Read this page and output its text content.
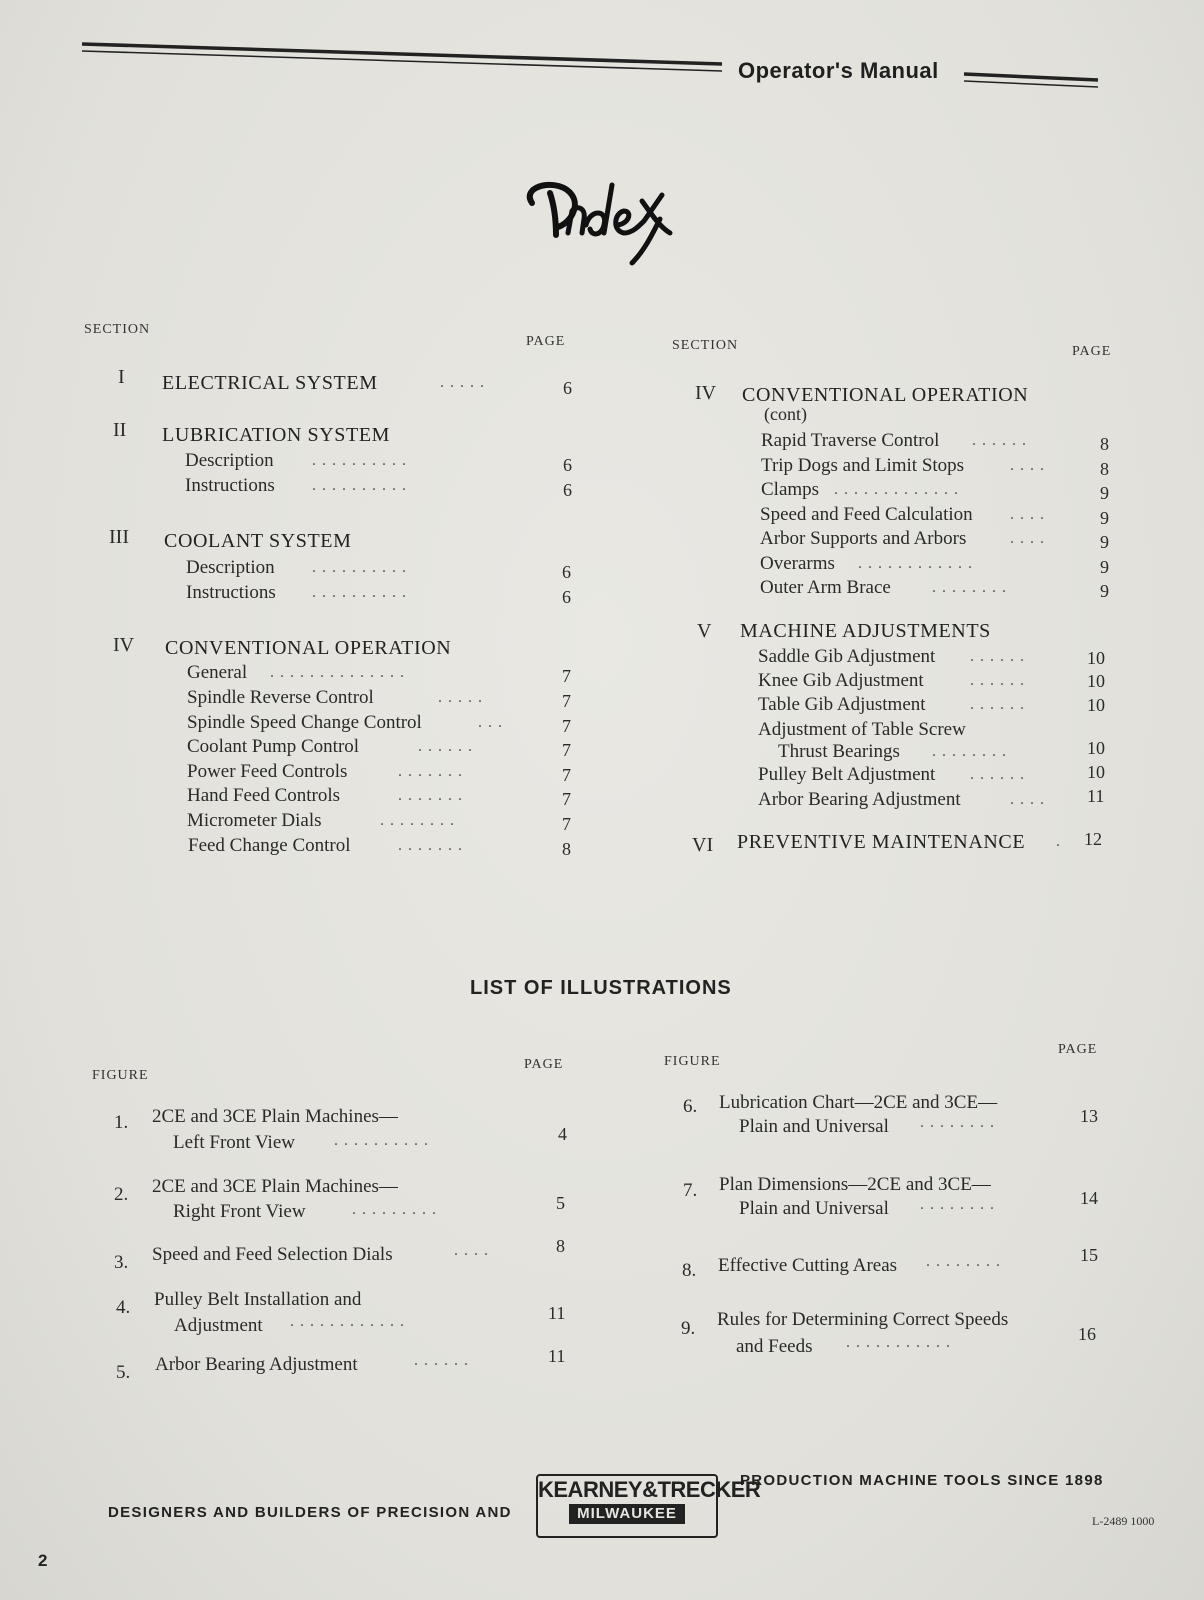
Operator's Manual
SECTION
PAGE
I ELECTRICAL SYSTEM	.....	6
II LUBRICATION SYSTEM
Description ..........	6
Instructions ..........	6
III COOLANT SYSTEM
Description ..........	6
Instructions ..........	6
IV CONVENTIONAL OPERATION
General ..............	7
Spindle Reverse Control	.....	7
Spindle Speed Change Control	...	7
Coolant Pump Control	......	7
Power Feed Controls	.......	7
Hand Feed Controls	.......	7
Micrometer Dials	........	7
Feed Change Control	.......	8
SECTION	PAGE
IV CONVENTIONAL OPERATION
(cont)
Rapid Traverse Control ......	8
Trip Dogs and Limit Stops	....	8
Clamps .............	9
Speed and Feed Calculation ....	9
Arbor Supports and Arbors	....	9
Overarms ............	9
Outer Arm Brace	........	9
V MACHINE ADJUSTMENTS
Saddle Gib Adjustment ......	10
Knee Gib Adjustment	......	10
Table Gib Adjustment	......	10
Adjustment of Table Screw
Thrust Bearings ........	10
Pulley Belt Adjustment ......	10
Arbor Bearing Adjustment	.... 11
VI PREVENTIVE MAINTENANCE . 12
LIST OF ILLUSTRATIONS
FIGURE
PAGE	FIGURE
PAGE
1. 2CE and 3CE Plain Machines—
Left Front View ..........	4
2. 2CE and 3CE Plain Machines—
Right Front View	.........	5
3. Speed and Feed Selection Dials	....	8
4. Pulley Belt Installation and
Adjustment ............	11
5. Arbor Bearing Adjustment	......	11
6. Lubrication Chart—2CE and 3CE—
Plain and Universal ........	13
7. Plan Dimensions—2CE and 3CE—
Plain and Universal ........	14
8. Effective Cutting Areas ........	15
9. Rules for Determining Correct Speeds
and Feeds ...........	16
DESIGNERS AND BUILDERS OF PRECISION AND
KEARNEY&TRECKER
MILWAUKEE
PRODUCTION MACHINE TOOLS SINCE 1898
L-2489 1000
2
